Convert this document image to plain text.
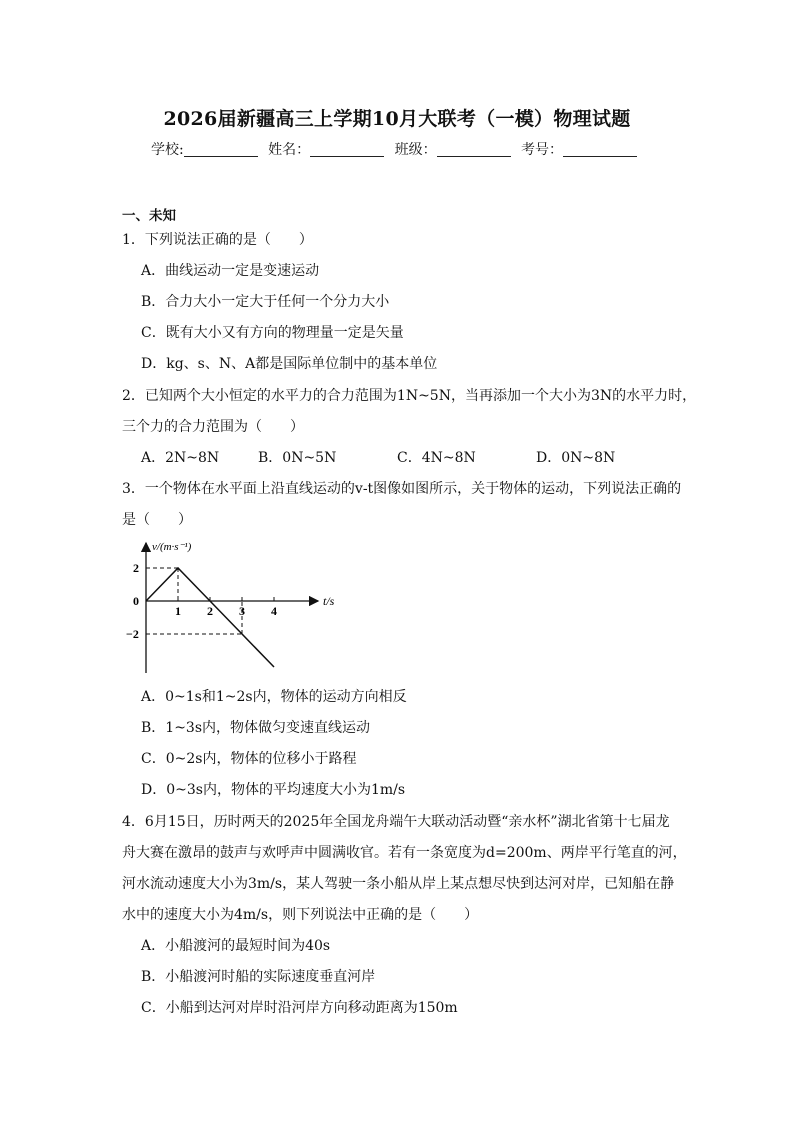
2026届新疆高三上学期10月大联考（一模）物理试题
学校:	姓名：	班级：	考号：
一、未知
1．下列说法正确的是（　　）
A．曲线运动一定是变速运动
B．合力大小一定大于任何一个分力大小
C．既有大小又有方向的物理量一定是矢量
D．kg、s、N、A都是国际单位制中的基本单位
2．已知两个大小恒定的水平力的合力范围为1N~5N，当再添加一个大小为3N的水平力时，
三个力的合力范围为（　　）
A．2N~8N	B．0N~5N	C．4N~8N	D．0N~8N
3．一个物体在水平面上沿直线运动的v-t图像如图所示，关于物体的运动，下列说法正确的
是（　　）
v/(m·s⁻¹)
t/s
1 2 3 4
2
0
−2
A．0~1s和1~2s内，物体的运动方向相反
B．1~3s内，物体做匀变速直线运动
C．0~2s内，物体的位移小于路程
D．0~3s内，物体的平均速度大小为1m/s
4．6月15日，历时两天的2025年全国龙舟端午大联动活动暨“亲水杯”湖北省第十七届龙
舟大赛在激昂的鼓声与欢呼声中圆满收官。若有一条宽度为d=200m、两岸平行笔直的河，
河水流动速度大小为3m/s，某人驾驶一条小船从岸上某点想尽快到达河对岸，已知船在静
水中的速度大小为4m/s，则下列说法中正确的是（　　）
A．小船渡河的最短时间为40s
B．小船渡河时船的实际速度垂直河岸
C．小船到达河对岸时沿河岸方向移动距离为150m
